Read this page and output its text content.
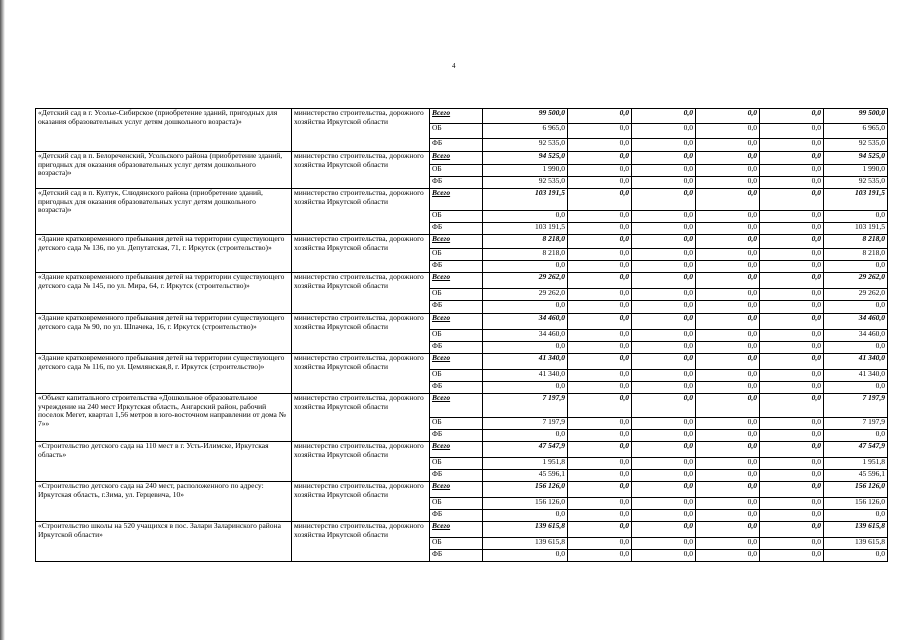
4
«Детский сад в г. Усолье-Сибирское (приобретение зданий, пригодных для оказания образовательных услуг детям дошкольного возраста)»	министерство строительства, дорожного хозяйства Иркутской области	Всего	99 500,0	0,0	0,0	0,0	0,0	99 500,0
		ОБ	6 965,0	0,0	0,0	0,0	0,0	6 965,0
		ФБ	92 535,0	0,0	0,0	0,0	0,0	92 535,0
«Детский сад в п. Белореченский, Усольского района (приобретение зданий, пригодных для оказания образовательных услуг детям дошкольного возраста)»	министерство строительства, дорожного хозяйства Иркутской области	Всего	94 525,0	0,0	0,0	0,0	0,0	94 525,0
		ОБ	1 990,0	0,0	0,0	0,0	0,0	1 990,0
		ФБ	92 535,0	0,0	0,0	0,0	0,0	92 535,0
«Детский сад в п. Култук, Слюдянского района (приобретение зданий, пригодных для оказания образовательных услуг детям дошкольного возраста)»	министерство строительства, дорожного хозяйства Иркутской области	Всего	103 191,5	0,0	0,0	0,0	0,0	103 191,5
		ОБ	0,0	0,0	0,0	0,0	0,0	0,0
		ФБ	103 191,5	0,0	0,0	0,0	0,0	103 191,5
«Здание кратковременного пребывания детей на территории существующего детского сада № 136, по ул. Депутатская, 71, г. Иркутск (строительство)»	министерство строительства, дорожного хозяйства Иркутской области	Всего	8 218,0	0,0	0,0	0,0	0,0	8 218,0
		ОБ	8 218,0	0,0	0,0	0,0	0,0	8 218,0
		ФБ	0,0	0,0	0,0	0,0	0,0	0,0
«Здание кратковременного пребывания детей на территории существующего детского сада № 145, по ул. Мира, 64, г. Иркутск (строительство)»	министерство строительства, дорожного хозяйства Иркутской области	Всего	29 262,0	0,0	0,0	0,0	0,0	29 262,0
		ОБ	29 262,0	0,0	0,0	0,0	0,0	29 262,0
		ФБ	0,0	0,0	0,0	0,0	0,0	0,0
«Здание кратковременного пребывания детей на территории существующего детского сада № 90, по ул. Шпачека, 16, г. Иркутск (строительство)»	министерство строительства, дорожного хозяйства Иркутской области	Всего	34 460,0	0,0	0,0	0,0	0,0	34 460,0
		ОБ	34 460,0	0,0	0,0	0,0	0,0	34 460,0
		ФБ	0,0	0,0	0,0	0,0	0,0	0,0
«Здание кратковременного пребывания детей на территории существующего детского сада № 116, по ул. Цемлянская,8, г. Иркутск (строительство)»	министерство строительства, дорожного хозяйства Иркутской области	Всего	41 340,0	0,0	0,0	0,0	0,0	41 340,0
		ОБ	41 340,0	0,0	0,0	0,0	0,0	41 340,0
		ФБ	0,0	0,0	0,0	0,0	0,0	0,0
«Объект капитального строительства «Дошкольное образовательное учреждение на 240 мест Иркутская область, Ангарский район, рабочий поселок Мегет, квартал 1,56 метров в юго-восточном направлении от дома № 7»»	министерство строительства, дорожного хозяйства Иркутской области	Всего	7 197,9	0,0	0,0	0,0	0,0	7 197,9
		ОБ	7 197,9	0,0	0,0	0,0	0,0	7 197,9
		ФБ	0,0	0,0	0,0	0,0	0,0	0,0
«Строительство детского сада на 110 мест в г. Усть-Илимске, Иркутская область»	министерство строительства, дорожного хозяйства Иркутской области	Всего	47 547,9	0,0	0,0	0,0	0,0	47 547,9
		ОБ	1 951,8	0,0	0,0	0,0	0,0	1 951,8
		ФБ	45 596,1	0,0	0,0	0,0	0,0	45 596,1
«Строительство детского сада на 240 мест, расположенного по адресу: Иркутская область, г.Зима, ул. Герцевича, 10»	министерство строительства, дорожного хозяйства Иркутской области	Всего	156 126,0	0,0	0,0	0,0	0,0	156 126,0
		ОБ	156 126,0	0,0	0,0	0,0	0,0	156 126,0
		ФБ	0,0	0,0	0,0	0,0	0,0	0,0
«Строительство школы на 520 учащихся в пос. Залари Заларинского района Иркутской области»	министерство строительства, дорожного хозяйства Иркутской области	Всего	139 615,8	0,0	0,0	0,0	0,0	139 615,8
		ОБ	139 615,8	0,0	0,0	0,0	0,0	139 615,8
		ФБ	0,0	0,0	0,0	0,0	0,0	0,0
